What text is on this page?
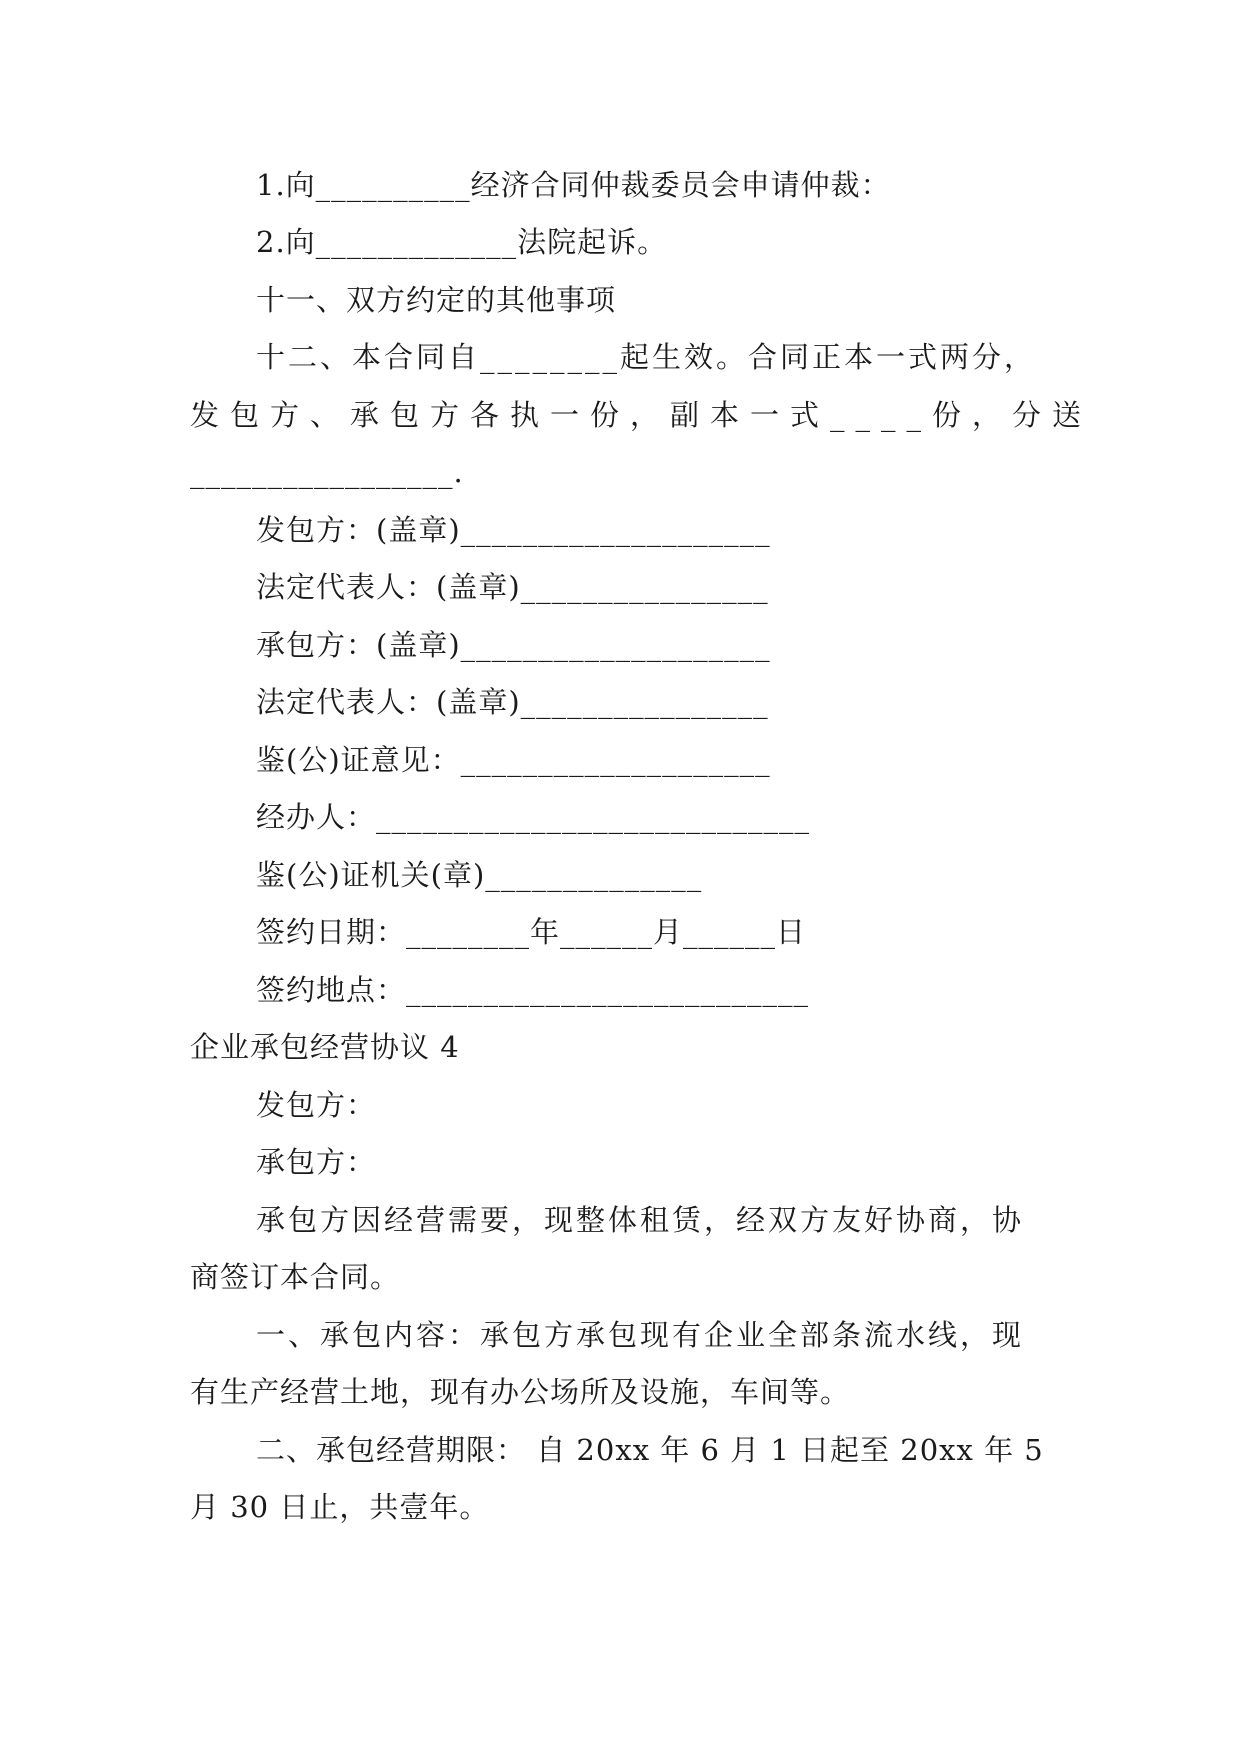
1.向__________经济合同仲裁委员会申请仲裁：
2.向_____________法院起诉。
十一、双方约定的其他事项
十二、本合同自________起生效。合同正本一式两分，
发包方、承包方各执一份，副本一式____份，分送
_________________.
发包方：(盖章)____________________
法定代表人：(盖章)________________
承包方：(盖章)____________________
法定代表人：(盖章)________________
鉴(公)证意见：____________________
经办人：____________________________
鉴(公)证机关(章)______________
签约日期：________年______月______日
签约地点：__________________________
企业承包经营协议 4
发包方：
承包方：
承包方因经营需要，现整体租赁，经双方友好协商，协
商签订本合同。
一、承包内容：承包方承包现有企业全部条流水线，现
有生产经营土地，现有办公场所及设施，车间等。
二、承包经营期限： 自 20xx 年 6 月 1 日起至 20xx 年 5
月 30 日止，共壹年。
